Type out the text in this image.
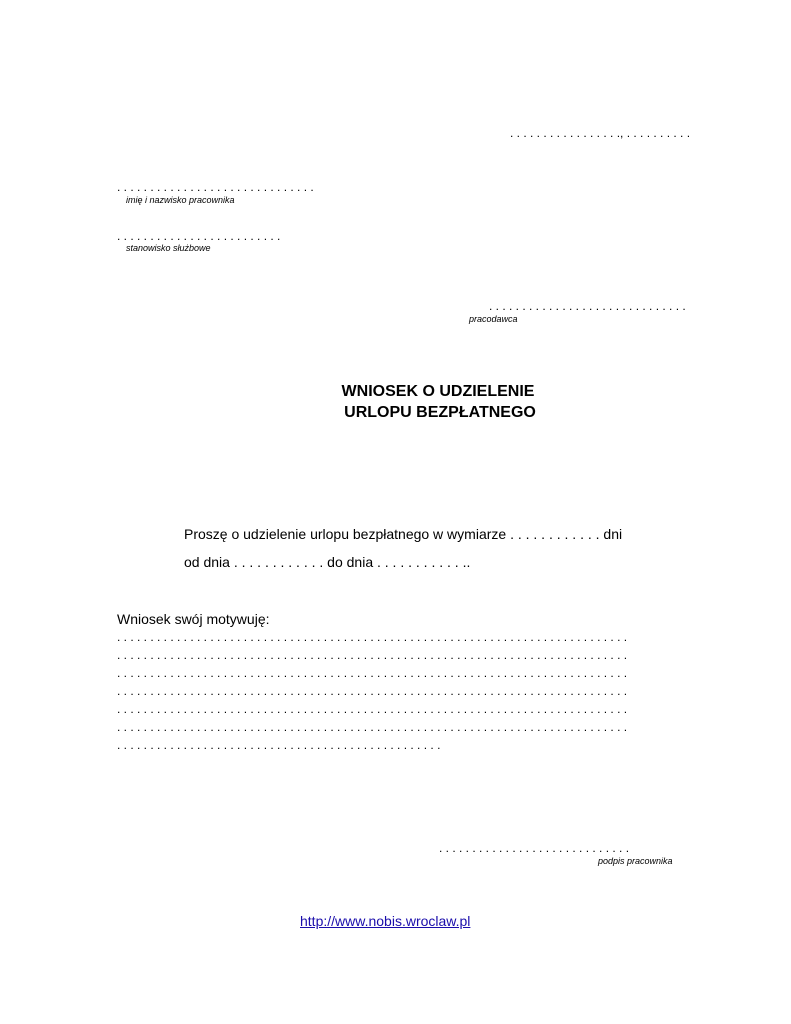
. . . . . . . . . . . . . . . . ., . . . . . . . . . .
. . . . . . . . . . . . . . . . . . . . . . . . . . . . . .
imię i nazwisko pracownika
. . . . . . . . . . . . . . . . . . . . . . . . .
stanowisko służbowe
. . . . . . . . . . . . . . . . . . . . . . . . . . . . . .
pracodawca
WNIOSEK O UDZIELENIE
URLOPU BEZPŁATNEGO
Proszę o udzielenie urlopu bezpłatnego w wymiarze . . . . . . . . . . . . dni
od dnia . . . . . . . . . . . . do dnia . . . . . . . . . . . ..
Wniosek swój motywuję:
. . . . . . . . . . . . . . . . . . . . . . . . . . . . . . . . . . . . . . . . . . . . . . . . . . . . . . . . . . . . . . . . . . . . . . . . . . . . .
. . . . . . . . . . . . . . . . . . . . . . . . . . . . . . . . . . . . . . . . . . . . . . . . . . . . . . . . . . . . . . . . . . . . . . . . . . . . .
. . . . . . . . . . . . . . . . . . . . . . . . . . . . . . . . . . . . . . . . . . . . . . . . . . . . . . . . . . . . . . . . . . . . . . . . . . . . .
. . . . . . . . . . . . . . . . . . . . . . . . . . . . . . . . . . . . . . . . . . . . . . . . . . . . . . . . . . . . . . . . . . . . . . . . . . . . .
. . . . . . . . . . . . . . . . . . . . . . . . . . . . . . . . . . . . . . . . . . . . . . . . . . . . . . . . . . . . . . . . . . . . . . . . . . . . .
. . . . . . . . . . . . . . . . . . . . . . . . . . . . . . . . . . . . . . . . . . . . . . . . . . . . . . . . . . . . . . . . . . . . . . . . . . . . .
. . . . . . . . . . . . . . . . . . . . . . . . . . . . . . . . . . . . . . . . . . . . . . . . .
. . . . . . . . . . . . . . . . . . . . . . . . . . . . .
podpis pracownika
http://www.nobis.wroclaw.pl
